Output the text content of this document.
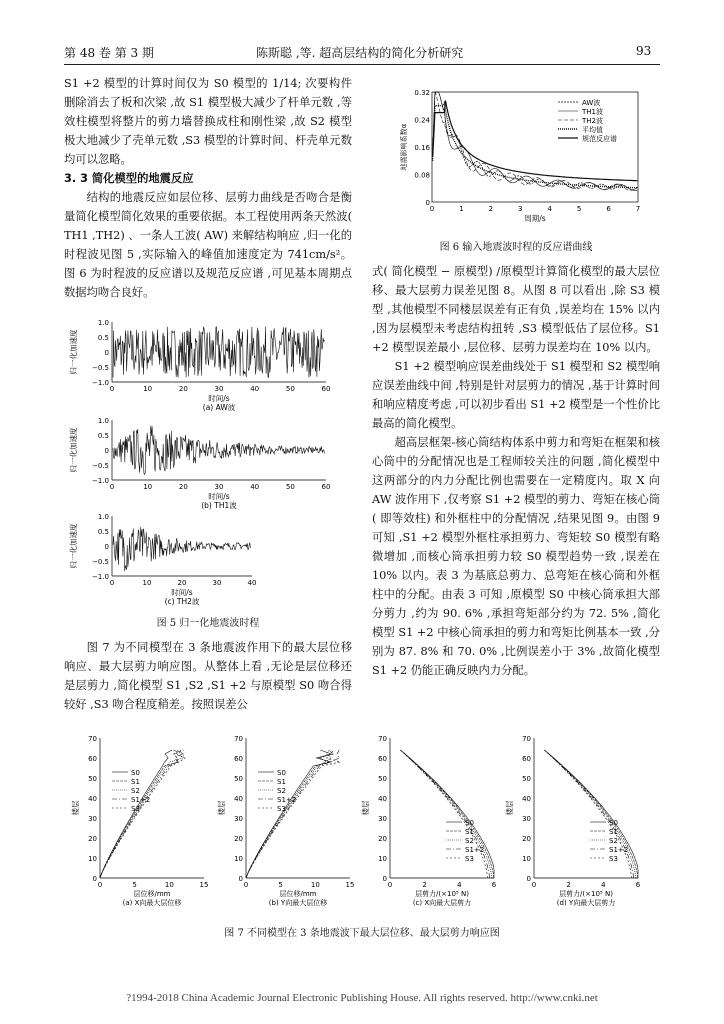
第 48 卷 第 3 期	陈斯聪 ,等. 超高层结构的简化分析研究	93

S1 +2 模型的计算时间仅为 S0 模型的 1/14; 次要构件删除消去了板和次梁 ,故 S1 模型极大减少了杆单元数 ,等效柱模型将整片的剪力墙替换成柱和刚性梁 ,故 S2 模型极大地减少了壳单元数 ,S3 模型的计算时间、杆壳单元数均可以忽略。

3. 3 简化模型的地震反应

结构的地震反应如层位移、层剪力曲线是否吻合是衡量简化模型简化效果的重要依据。本工程使用两条天然波( TH1 ,TH2) 、一条人工波( AW) 来解结构响应 ,归一化的时程波见图 5 ,实际输入的峰值加速度定为 741cm/s²。图 6 为时程波的反应谱以及规范反应谱 ,可见基本周期点数据均吻合良好。

1.0
0.5
0
−0.5
−1.0
0	10	20	30	40	50	60
归一化加速度
时间/s
(a) AW波
1.0
0.5
0
−0.5
−1.0
0	10	20	30	40	50	60
归一化加速度
时间/s
(b) TH1波
1.0
0.5
0
−0.5
−1.0
0	10	20	30	40
归一化加速度
时间/s
(c) TH2波
图 5 归一化地震波时程

图 7 为不同模型在 3 条地震波作用下的最大层位移响应、最大层剪力响应图。从整体上看 ,无论是层位移还是层剪力 ,简化模型 S1 ,S2 ,S1 +2 与原模型 S0 吻合得较好 ,S3 吻合程度稍差。按照误差公

0.32
0.24
0.16
0.08
0
0	1	2	3	4	5	6	7
地震影响系数α
周期/s
AW波
TH1波
TH2波
平均值
规范反应谱
图 6 输入地震波时程的反应谱曲线

式( 简化模型 − 原模型) /原模型计算简化模型的最大层位移、最大层剪力误差见图 8。从图 8 可以看出 ,除 S3 模型 ,其他模型不同楼层误差有正有负 ,误差均在 15% 以内 ,因为层模型未考虑结构扭转 ,S3 模型低估了层位移。S1 +2 模型误差最小 ,层位移、层剪力误差均在 10% 以内。

S1 +2 模型响应误差曲线处于 S1 模型和 S2 模型响应误差曲线中间 ,特别是针对层剪力的情况 ,基于计算时间和响应精度考虑 ,可以初步看出 S1 +2 模型是一个性价比最高的简化模型。

超高层框架-核心筒结构体系中剪力和弯矩在框架和核心筒中的分配情况也是工程师较关注的问题 ,简化模型中这两部分的内力分配比例也需要在一定精度内。取 X 向 AW 波作用下 ,仅考察 S1 +2 模型的剪力、弯矩在核心筒( 即等效柱) 和外框柱中的分配情况 ,结果见图 9。由图 9 可知 ,S1 +2 模型外框柱承担剪力、弯矩较 S0 模型有略微增加 ,而核心筒承担剪力较 S0 模型趋势一致 ,误差在 10% 以内。表 3 为基底总剪力、总弯矩在核心筒和外框柱中的分配。由表 3 可知 ,原模型 S0 中核心筒承担大部分剪力 ,约为 90. 6% ,承担弯矩部分约为 72. 5% ,简化模型 S1 +2 中核心筒承担的剪力和弯矩比例基本一致 ,分别为 87. 8% 和 70. 0% ,比例误差小于 3% ,故简化模型 S1 +2 仍能正确反映内力分配。

70
60
50
40
30
20
10
0
0	5	10	15
楼层
层位移/mm
(a) X向最大层位移
S0
S1
S2
S1+2
S3
70
60
50
40
30
20
10
0
0	5	10	15
楼层
层位移/mm
(b) Y向最大层位移
S0
S1
S2
S1+2
S3
70
60
50
40
30
20
10
0
0	2	4	6
楼层
层剪力/(×10⁵ N)
(c) X向最大层剪力
S0
S1
S2
S1+2
S3
70
60
50
40
30
20
10
0
0	2	4	6
楼层
层剪力/(×10⁵ N)
(d) Y向最大层剪力
S0
S1
S2
S1+2
S3
图 7 不同模型在 3 条地震波下最大层位移、最大层剪力响应图
?1994-2018 China Academic Journal Electronic Publishing House. All rights reserved. http://www.cnki.net
